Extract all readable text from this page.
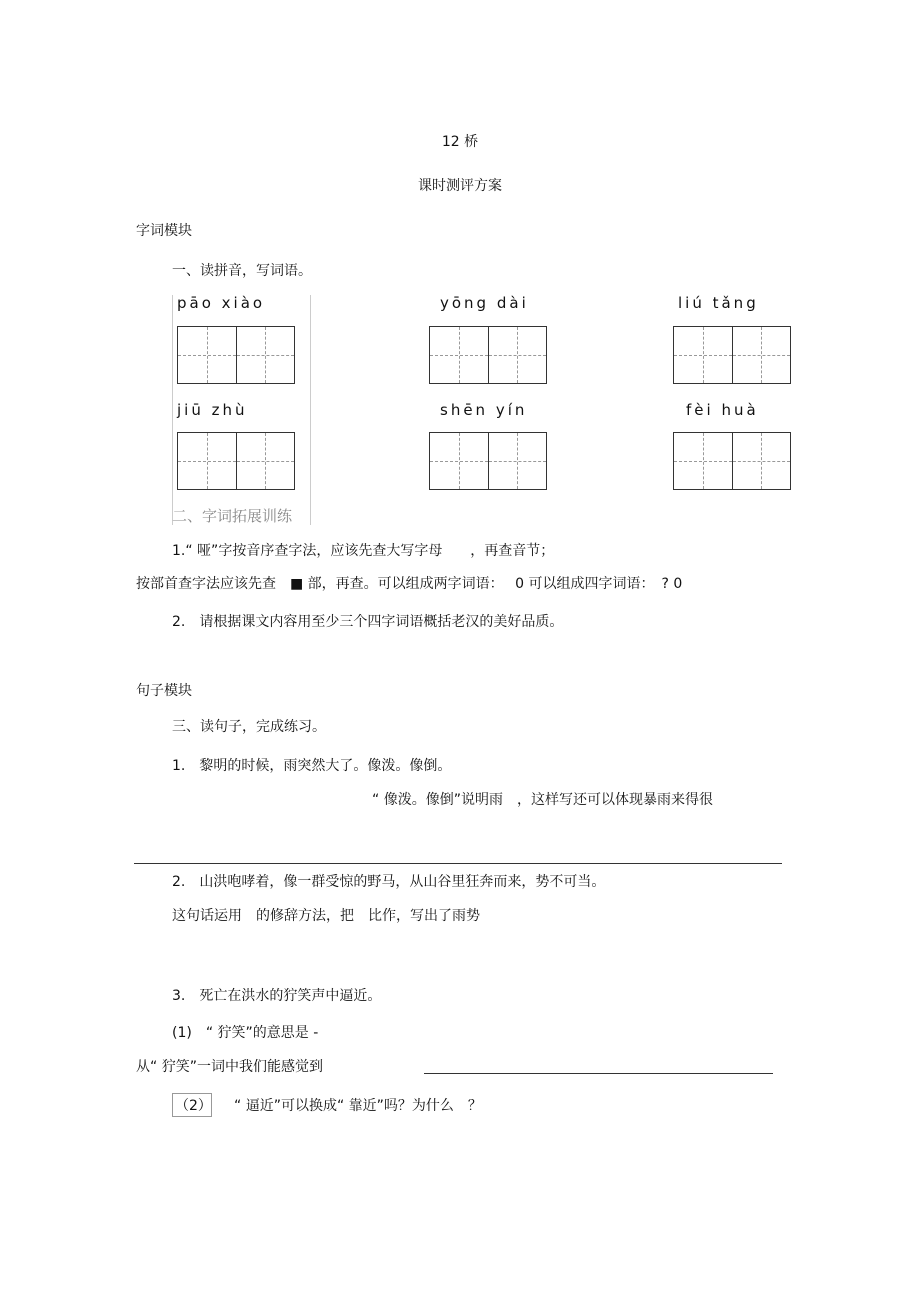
12 桥
课时测评方案
字词模块
一、读拼音，写词语。
pāo xiào	yōng dài	liú tǎng
jiū zhù	shēn yín	fèi huà
二、字词拓展训练
1.“ 哑”字按音序查字法，应该先查大写字母　　，再查音节；
按部首查字法应该先查　■ 部，再查。可以组成两字词语：　 0 可以组成四字词语：　? 0
2.　请根据课文内容用至少三个四字词语概括老汉的美好品质。
句子模块
三、读句子，完成练习。
1.　黎明的时候，雨突然大了。像泼。像倒。
“ 像泼。像倒”说明雨　，这样写还可以体现暴雨来得很
2.　山洪咆哮着，像一群受惊的野马，从山谷里狂奔而来，势不可当。
这句话运用　的修辞方法，把　比作，写出了雨势
3.　死亡在洪水的狞笑声中逼近。
(1)　“ 狞笑”的意思是 -
从“ 狞笑”一词中我们能感觉到
（2） “ 逼近”可以换成“ 靠近”吗？为什么　？
